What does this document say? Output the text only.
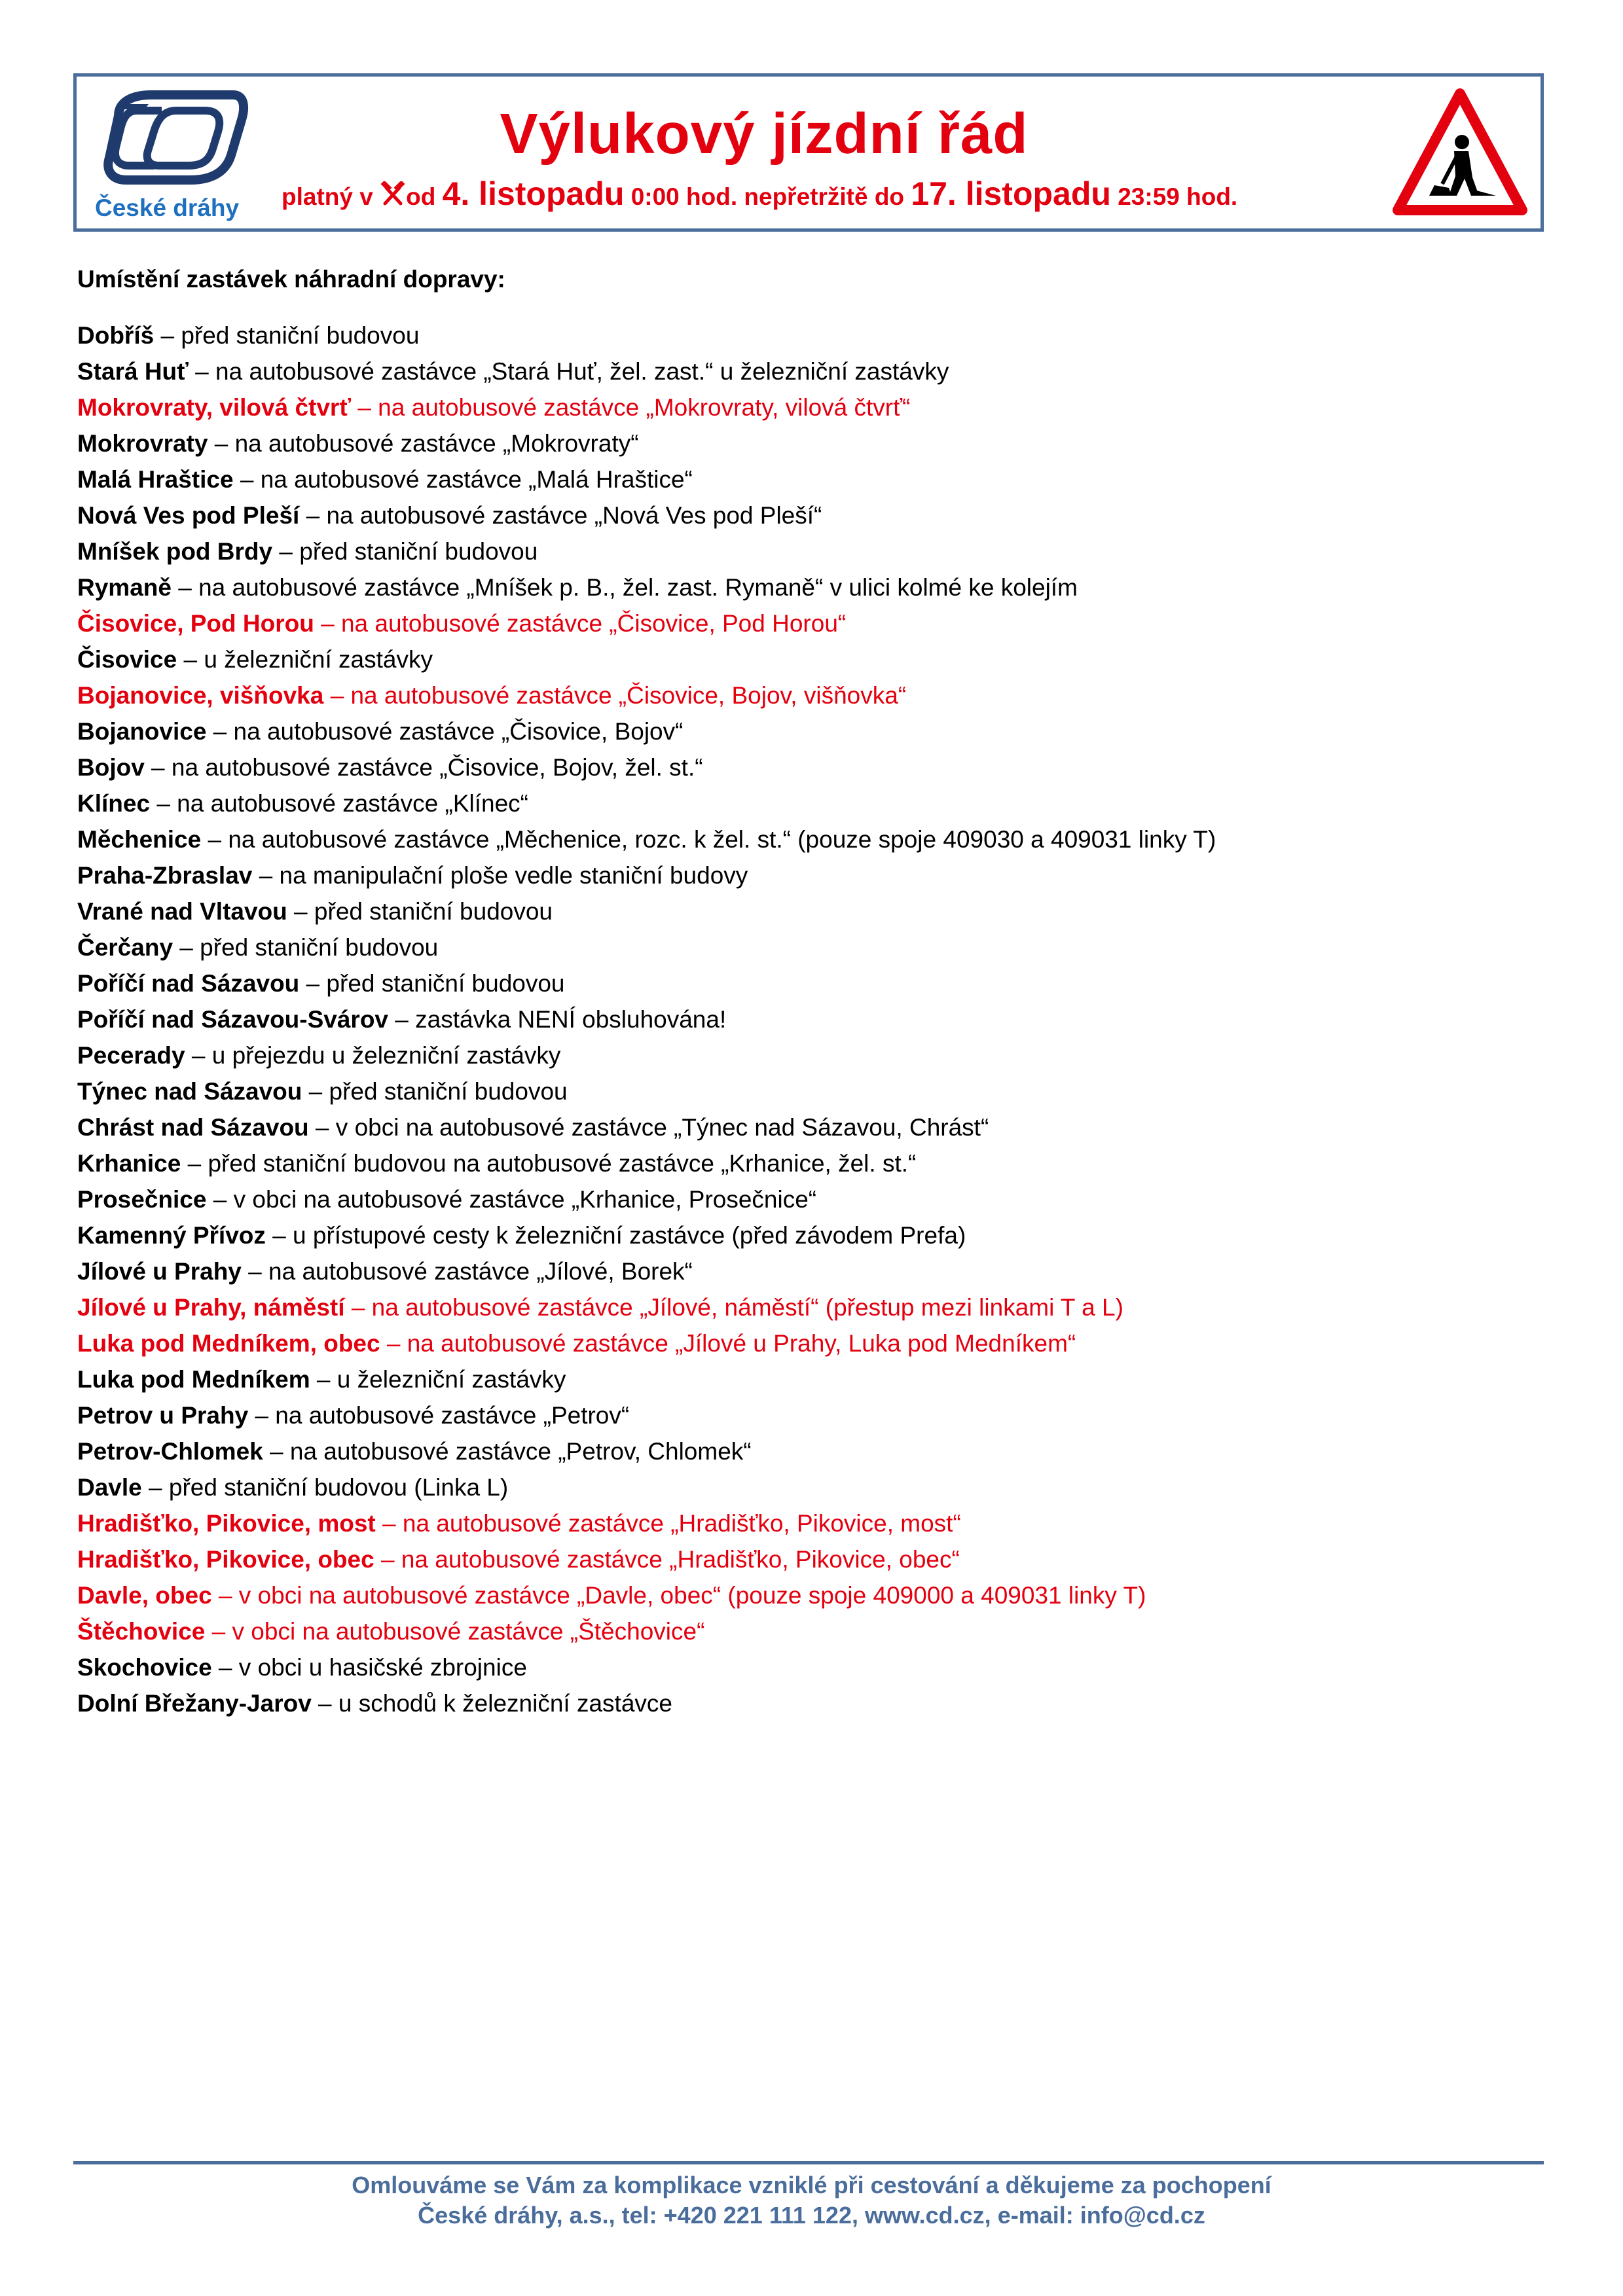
České dráhy
Výlukový jízdní řád
platný v od 4. listopadu 0:00 hod. nepřetržitě do 17. listopadu 23:59 hod.
Umístění zastávek náhradní dopravy:
Dobříš – před staniční budovou
Stará Huť – na autobusové zastávce „Stará Huť, žel. zast.“ u železniční zastávky
Mokrovraty, vilová čtvrť – na autobusové zastávce „Mokrovraty, vilová čtvrť“
Mokrovraty – na autobusové zastávce „Mokrovraty“
Malá Hraštice – na autobusové zastávce „Malá Hraštice“
Nová Ves pod Pleší – na autobusové zastávce „Nová Ves pod Pleší“
Mníšek pod Brdy – před staniční budovou
Rymaně – na autobusové zastávce „Mníšek p. B., žel. zast. Rymaně“ v ulici kolmé ke kolejím
Čisovice, Pod Horou – na autobusové zastávce „Čisovice, Pod Horou“
Čisovice – u železniční zastávky
Bojanovice, višňovka – na autobusové zastávce „Čisovice, Bojov, višňovka“
Bojanovice – na autobusové zastávce „Čisovice, Bojov“
Bojov – na autobusové zastávce „Čisovice, Bojov, žel. st.“
Klínec – na autobusové zastávce „Klínec“
Měchenice – na autobusové zastávce „Měchenice, rozc. k žel. st.“ (pouze spoje 409030 a 409031 linky T)
Praha-Zbraslav – na manipulační ploše vedle staniční budovy
Vrané nad Vltavou – před staniční budovou
Čerčany – před staniční budovou
Poříčí nad Sázavou – před staniční budovou
Poříčí nad Sázavou-Svárov – zastávka NENÍ obsluhována!
Pecerady – u přejezdu u železniční zastávky
Týnec nad Sázavou – před staniční budovou
Chrást nad Sázavou – v obci na autobusové zastávce „Týnec nad Sázavou, Chrást“
Krhanice – před staniční budovou na autobusové zastávce „Krhanice, žel. st.“
Prosečnice – v obci na autobusové zastávce „Krhanice, Prosečnice“
Kamenný Přívoz – u přístupové cesty k železniční zastávce (před závodem Prefa)
Jílové u Prahy – na autobusové zastávce „Jílové, Borek“
Jílové u Prahy, náměstí – na autobusové zastávce „Jílové, náměstí“ (přestup mezi linkami T a L)
Luka pod Medníkem, obec – na autobusové zastávce „Jílové u Prahy, Luka pod Medníkem“
Luka pod Medníkem – u železniční zastávky
Petrov u Prahy – na autobusové zastávce „Petrov“
Petrov-Chlomek – na autobusové zastávce „Petrov, Chlomek“
Davle – před staniční budovou (Linka L)
Hradišťko, Pikovice, most – na autobusové zastávce „Hradišťko, Pikovice, most“
Hradišťko, Pikovice, obec – na autobusové zastávce „Hradišťko, Pikovice, obec“
Davle, obec – v obci na autobusové zastávce „Davle, obec“ (pouze spoje 409000 a 409031 linky T)
Štěchovice – v obci na autobusové zastávce „Štěchovice“
Skochovice – v obci u hasičské zbrojnice
Dolní Břežany-Jarov – u schodů k železniční zastávce
Omlouváme se Vám za komplikace vzniklé při cestování a děkujeme za pochopení
České dráhy, a.s., tel: +420 221 111 122, www.cd.cz, e-mail: info@cd.cz
